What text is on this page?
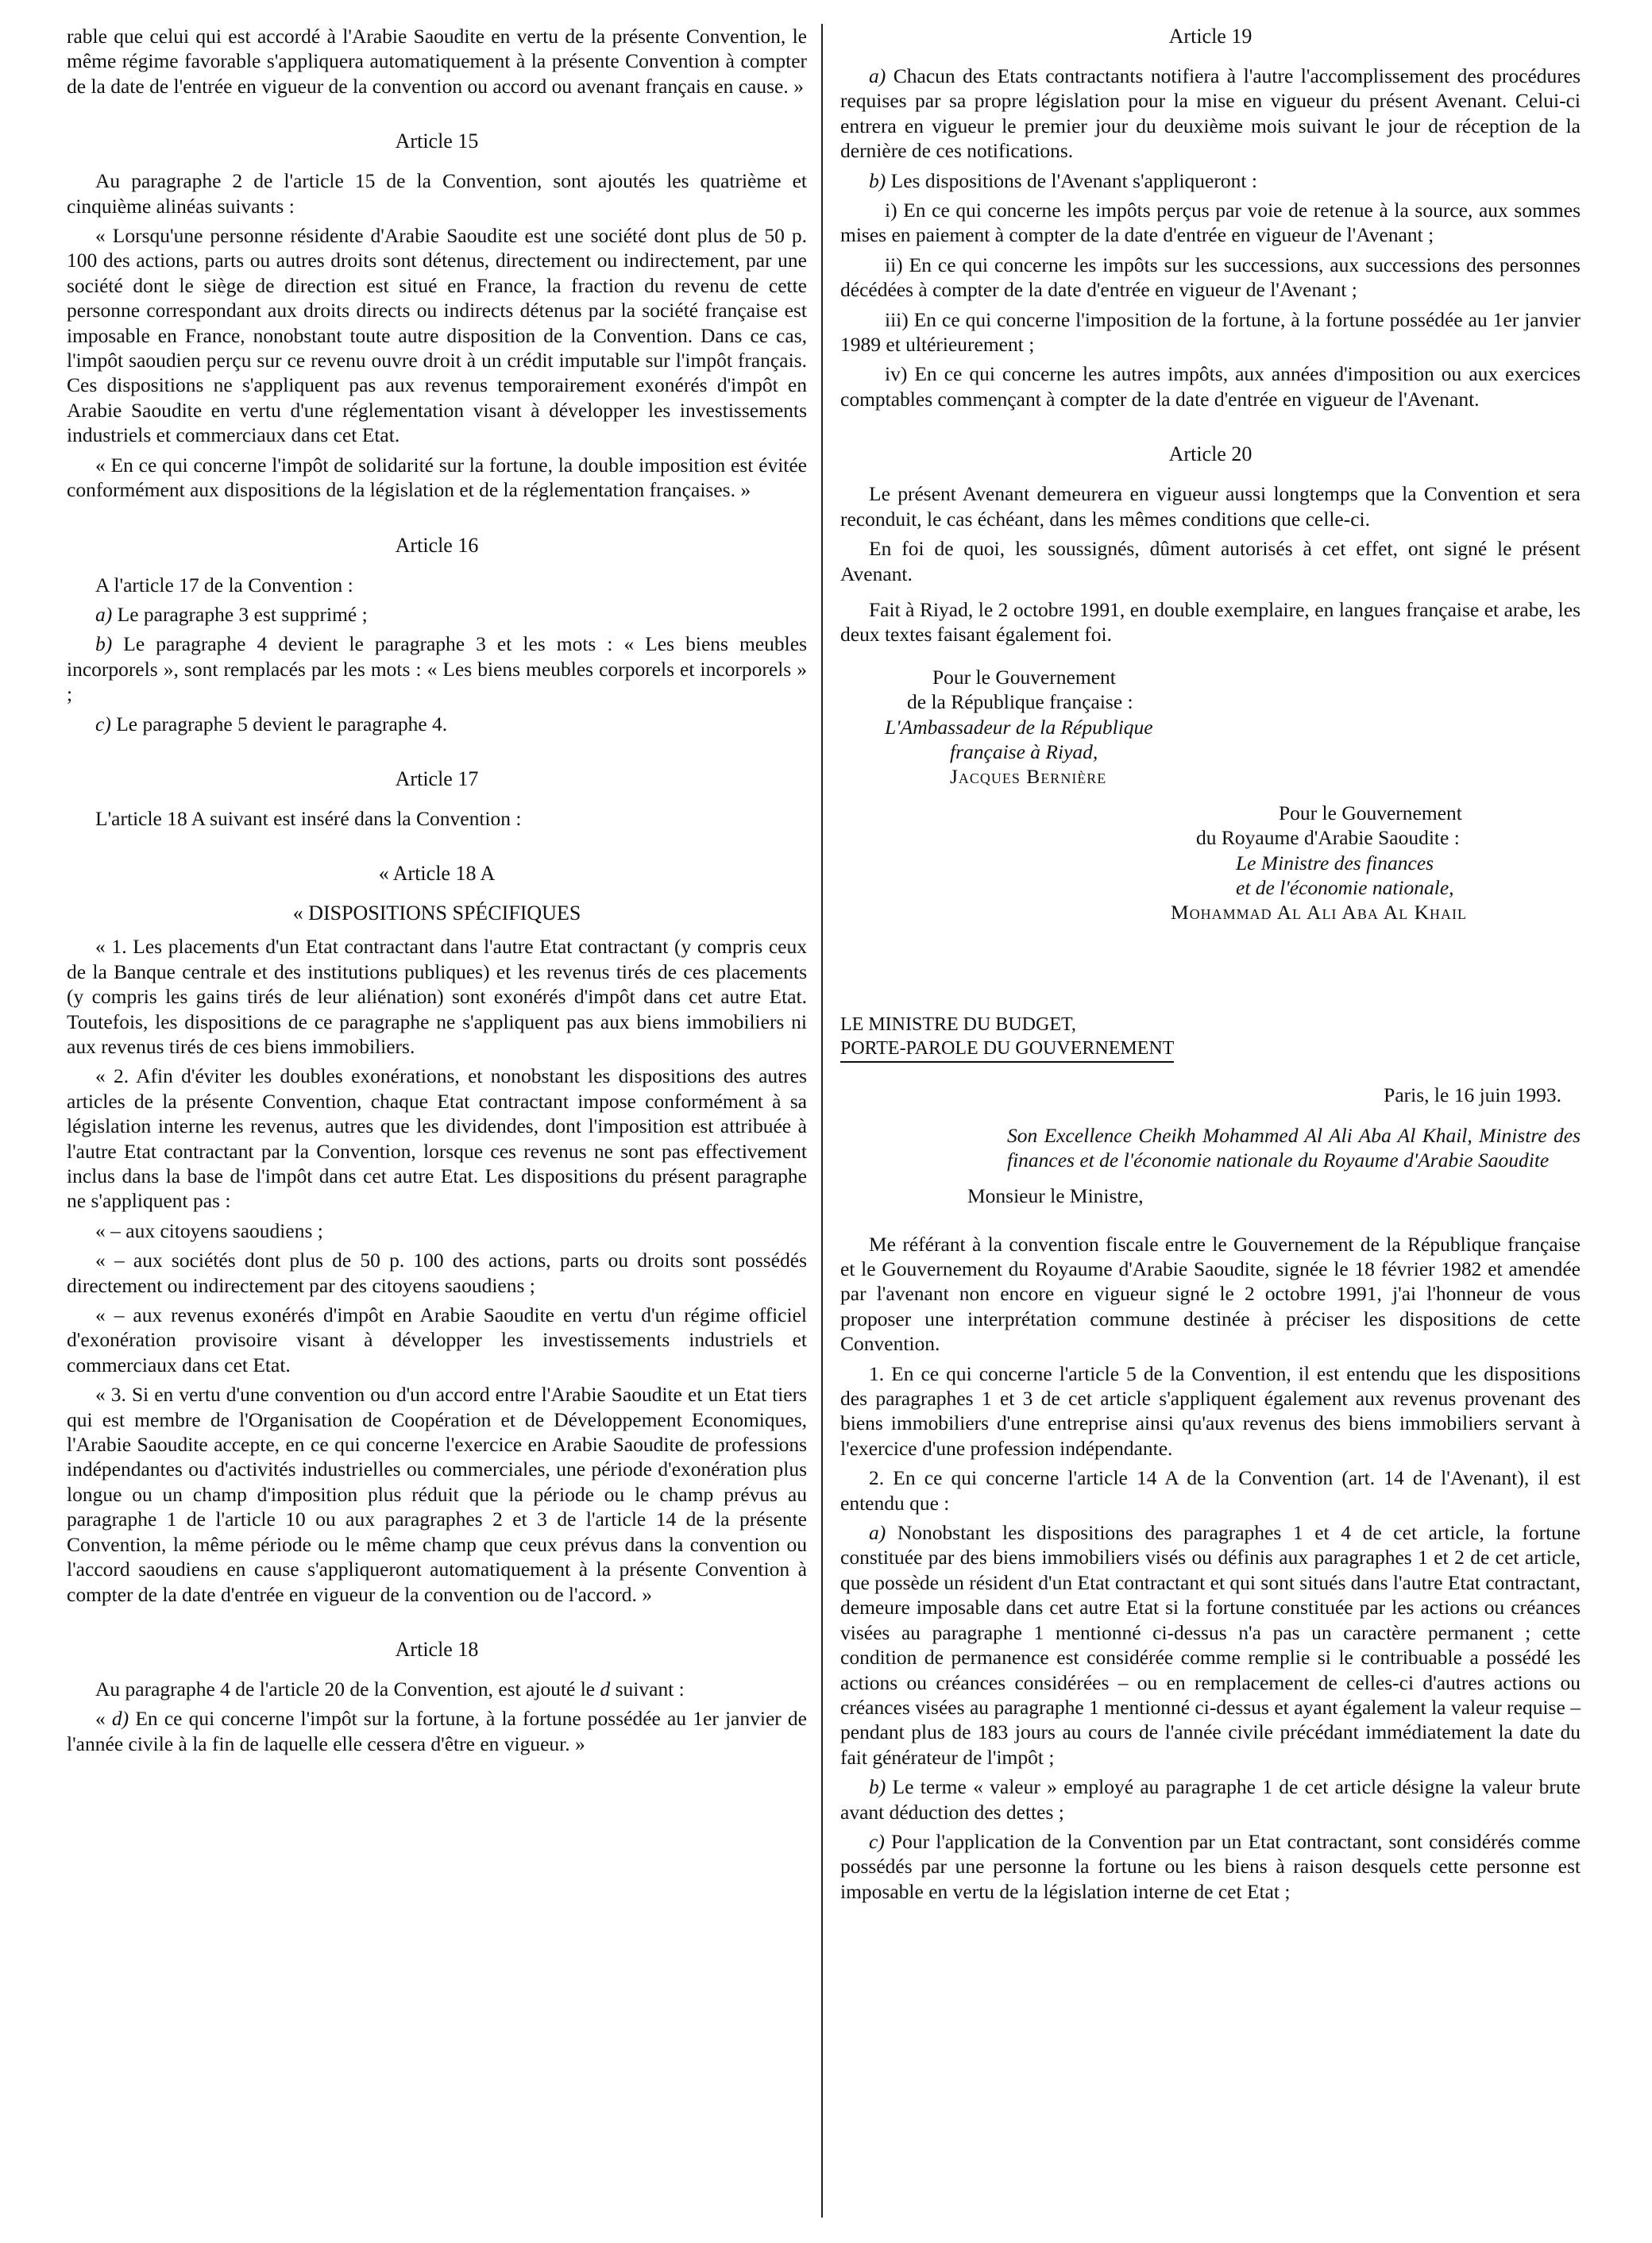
rable que celui qui est accordé à l'Arabie Saoudite en vertu de la présente Convention, le même régime favorable s'appliquera automatiquement à la présente Convention à compter de la date de l'entrée en vigueur de la convention ou accord ou avenant français en cause. »

Article 15

Au paragraphe 2 de l'article 15 de la Convention, sont ajoutés les quatrième et cinquième alinéas suivants :

« Lorsqu'une personne résidente d'Arabie Saoudite est une société dont plus de 50 p. 100 des actions, parts ou autres droits sont détenus, directement ou indirectement, par une société dont le siège de direction est situé en France, la fraction du revenu de cette personne correspondant aux droits directs ou indirects détenus par la société française est imposable en France, nonobstant toute autre disposition de la Convention. Dans ce cas, l'impôt saoudien perçu sur ce revenu ouvre droit à un crédit imputable sur l'impôt français. Ces dispositions ne s'appliquent pas aux revenus temporairement exonérés d'impôt en Arabie Saoudite en vertu d'une réglementation visant à développer les investissements industriels et commerciaux dans cet Etat.

« En ce qui concerne l'impôt de solidarité sur la fortune, la double imposition est évitée conformément aux dispositions de la législation et de la réglementation françaises. »

Article 16

A l'article 17 de la Convention :

a) Le paragraphe 3 est supprimé ;

b) Le paragraphe 4 devient le paragraphe 3 et les mots : « Les biens meubles incorporels », sont remplacés par les mots : « Les biens meubles corporels et incorporels » ;

c) Le paragraphe 5 devient le paragraphe 4.

Article 17

L'article 18 A suivant est inséré dans la Convention :

« Article 18 A
« DISPOSITIONS SPÉCIFIQUES

« 1. Les placements d'un Etat contractant dans l'autre Etat contractant (y compris ceux de la Banque centrale et des institutions publiques) et les revenus tirés de ces placements (y compris les gains tirés de leur aliénation) sont exonérés d'impôt dans cet autre Etat. Toutefois, les dispositions de ce paragraphe ne s'appliquent pas aux biens immobiliers ni aux revenus tirés de ces biens immobiliers.

« 2. Afin d'éviter les doubles exonérations, et nonobstant les dispositions des autres articles de la présente Convention, chaque Etat contractant impose conformément à sa législation interne les revenus, autres que les dividendes, dont l'imposition est attribuée à l'autre Etat contractant par la Convention, lorsque ces revenus ne sont pas effectivement inclus dans la base de l'impôt dans cet autre Etat. Les dispositions du présent paragraphe ne s'appliquent pas :

« – aux citoyens saoudiens ;

« – aux sociétés dont plus de 50 p. 100 des actions, parts ou droits sont possédés directement ou indirectement par des citoyens saoudiens ;

« – aux revenus exonérés d'impôt en Arabie Saoudite en vertu d'un régime officiel d'exonération provisoire visant à développer les investissements industriels et commerciaux dans cet Etat.

« 3. Si en vertu d'une convention ou d'un accord entre l'Arabie Saoudite et un Etat tiers qui est membre de l'Organisation de Coopération et de Développement Economiques, l'Arabie Saoudite accepte, en ce qui concerne l'exercice en Arabie Saoudite de professions indépendantes ou d'activités industrielles ou commerciales, une période d'exonération plus longue ou un champ d'imposition plus réduit que la période ou le champ prévus au paragraphe 1 de l'article 10 ou aux paragraphes 2 et 3 de l'article 14 de la présente Convention, la même période ou le même champ que ceux prévus dans la convention ou l'accord saoudiens en cause s'appliqueront automatiquement à la présente Convention à compter de la date d'entrée en vigueur de la convention ou de l'accord. »

Article 18

Au paragraphe 4 de l'article 20 de la Convention, est ajouté le d suivant :

« d) En ce qui concerne l'impôt sur la fortune, à la fortune possédée au 1er janvier de l'année civile à la fin de laquelle elle cessera d'être en vigueur. »

Article 19

a) Chacun des Etats contractants notifiera à l'autre l'accomplissement des procédures requises par sa propre législation pour la mise en vigueur du présent Avenant. Celui-ci entrera en vigueur le premier jour du deuxième mois suivant le jour de réception de la dernière de ces notifications.

b) Les dispositions de l'Avenant s'appliqueront :

i) En ce qui concerne les impôts perçus par voie de retenue à la source, aux sommes mises en paiement à compter de la date d'entrée en vigueur de l'Avenant ;

ii) En ce qui concerne les impôts sur les successions, aux successions des personnes décédées à compter de la date d'entrée en vigueur de l'Avenant ;

iii) En ce qui concerne l'imposition de la fortune, à la fortune possédée au 1er janvier 1989 et ultérieurement ;

iv) En ce qui concerne les autres impôts, aux années d'imposition ou aux exercices comptables commençant à compter de la date d'entrée en vigueur de l'Avenant.

Article 20

Le présent Avenant demeurera en vigueur aussi longtemps que la Convention et sera reconduit, le cas échéant, dans les mêmes conditions que celle-ci.

En foi de quoi, les soussignés, dûment autorisés à cet effet, ont signé le présent Avenant.

Fait à Riyad, le 2 octobre 1991, en double exemplaire, en langues française et arabe, les deux textes faisant également foi.

Pour le Gouvernement
de la République française :
L'Ambassadeur de la République
française à Riyad,
Jacques Bernière
Pour le Gouvernement
du Royaume d'Arabie Saoudite :
Le Ministre des finances
et de l'économie nationale,
Mohammad Al Ali Aba Al Khail
LE MINISTRE DU BUDGET,
PORTE-PAROLE DU GOUVERNEMENT
Paris, le 16 juin 1993.
Son Excellence Cheikh Mohammed Al Ali Aba Al Khail, Ministre des finances et de l'économie nationale du Royaume d'Arabie Saoudite
Monsieur le Ministre,

Me référant à la convention fiscale entre le Gouvernement de la République française et le Gouvernement du Royaume d'Arabie Saoudite, signée le 18 février 1982 et amendée par l'avenant non encore en vigueur signé le 2 octobre 1991, j'ai l'honneur de vous proposer une interprétation commune destinée à préciser les dispositions de cette Convention.

1. En ce qui concerne l'article 5 de la Convention, il est entendu que les dispositions des paragraphes 1 et 3 de cet article s'appliquent également aux revenus provenant des biens immobiliers d'une entreprise ainsi qu'aux revenus des biens immobiliers servant à l'exercice d'une profession indépendante.

2. En ce qui concerne l'article 14 A de la Convention (art. 14 de l'Avenant), il est entendu que :

a) Nonobstant les dispositions des paragraphes 1 et 4 de cet article, la fortune constituée par des biens immobiliers visés ou définis aux paragraphes 1 et 2 de cet article, que possède un résident d'un Etat contractant et qui sont situés dans l'autre Etat contractant, demeure imposable dans cet autre Etat si la fortune constituée par les actions ou créances visées au paragraphe 1 mentionné ci-dessus n'a pas un caractère permanent ; cette condition de permanence est considérée comme remplie si le contribuable a possédé les actions ou créances considérées – ou en remplacement de celles-ci d'autres actions ou créances visées au paragraphe 1 mentionné ci-dessus et ayant également la valeur requise – pendant plus de 183 jours au cours de l'année civile précédant immédiatement la date du fait générateur de l'impôt ;

b) Le terme « valeur » employé au paragraphe 1 de cet article désigne la valeur brute avant déduction des dettes ;

c) Pour l'application de la Convention par un Etat contractant, sont considérés comme possédés par une personne la fortune ou les biens à raison desquels cette personne est imposable en vertu de la législation interne de cet Etat ;
